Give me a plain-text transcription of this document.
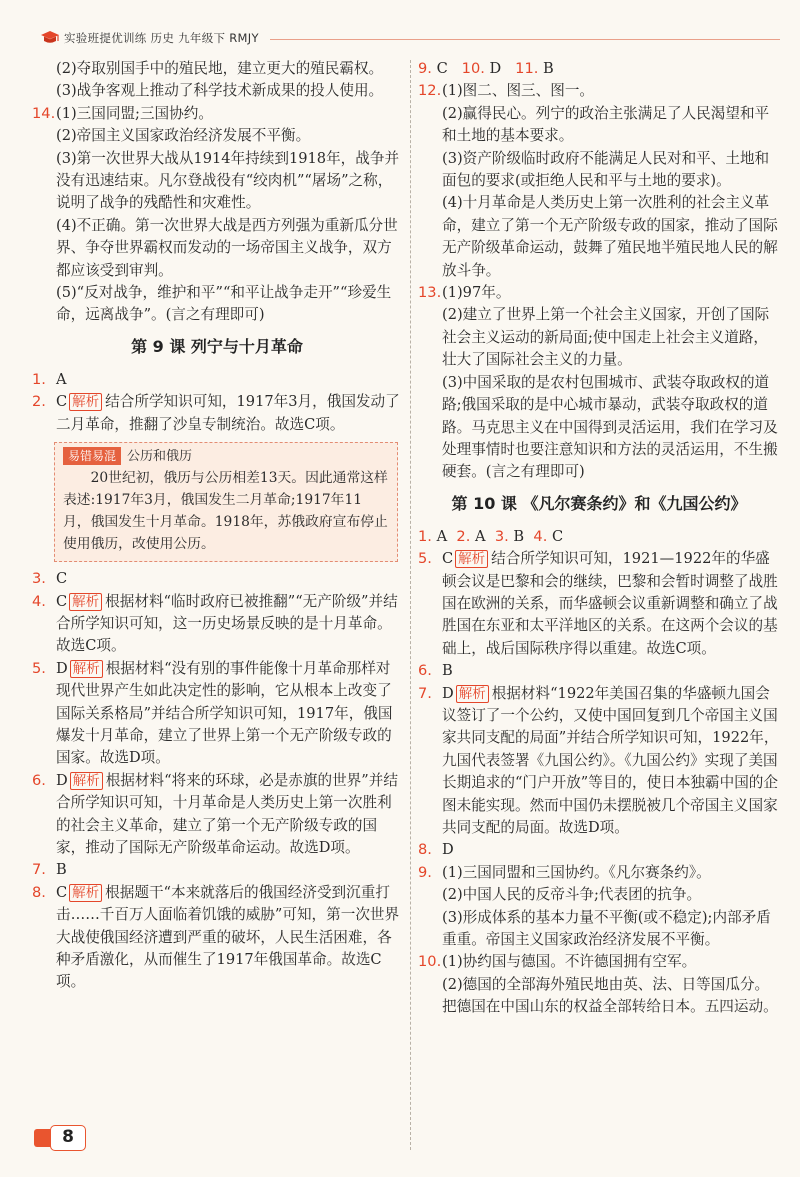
实验班提优训练 历史 九年级下 RMJY
(2)夺取别国手中的殖民地，建立更大的殖民霸权。
(3)战争客观上推动了科学技术新成果的投人使用。
14. (1)三国同盟;三国协约。
(2)帝国主义国家政治经济发展不平衡。
(3)第一次世界大战从1914年持续到1918年，战争并没有迅速结束。凡尔登战役有“绞肉机”“屠场”之称，说明了战争的残酷性和灾难性。
(4)不正确。第一次世界大战是西方列强为重新瓜分世界、争夺世界霸权而发动的一场帝国主义战争，双方都应该受到审判。
(5)“反对战争，维护和平”“和平让战争走开”“珍爱生命，远离战争”。(言之有理即可)
第 9 课 列宁与十月革命
1. A
2. C 解析 结合所学知识可知，1917年3月，俄国发动了二月革命，推翻了沙皇专制统治。故选C项。
易错易混 公历和俄历
20世纪初，俄历与公历相差13天。因此通常这样表述:1917年3月，俄国发生二月革命;1917年11月，俄国发生十月革命。1918年，苏俄政府宣布停止使用俄历，改使用公历。
3. C
4. C 解析 根据材料“临时政府已被推翻”“无产阶级”并结合所学知识可知，这一历史场景反映的是十月革命。故选C项。
5. D 解析 根据材料“没有别的事件能像十月革命那样对现代世界产生如此决定性的影响，它从根本上改变了国际关系格局”并结合所学知识可知，1917年，俄国爆发十月革命，建立了世界上第一个无产阶级专政的国家。故选D项。
6. D 解析 根据材料“将来的环球，必是赤旗的世界”并结合所学知识可知，十月革命是人类历史上第一次胜利的社会主义革命，建立了第一个无产阶级专政的国家，推动了国际无产阶级革命运动。故选D项。
7. B
8. C 解析 根据题干“本来就落后的俄国经济受到沉重打击……千百万人面临着饥饿的威胁”可知，第一次世界大战使俄国经济遭到严重的破坏，人民生活困难，各种矛盾激化，从而催生了1917年俄国革命。故选C项。
9. C 10. D 11. B
12. (1)图二、图三、图一。
(2)赢得民心。列宁的政治主张满足了人民渴望和平和土地的基本要求。
(3)资产阶级临时政府不能满足人民对和平、土地和面包的要求(或拒绝人民和平与土地的要求)。
(4)十月革命是人类历史上第一次胜利的社会主义革命，建立了第一个无产阶级专政的国家，推动了国际无产阶级革命运动，鼓舞了殖民地半殖民地人民的解放斗争。
13. (1)97年。
(2)建立了世界上第一个社会主义国家，开创了国际社会主义运动的新局面;使中国走上社会主义道路，壮大了国际社会主义的力量。
(3)中国采取的是农村包围城市、武装夺取政权的道路;俄国采取的是中心城市暴动，武装夺取政权的道路。马克思主义在中国得到灵活运用，我们在学习及处理事情时也要注意知识和方法的灵活运用，不生搬硬套。(言之有理即可)
第 10 课 《凡尔赛条约》和《九国公约》
1. A 2. A 3. B 4. C
5. C 解析 结合所学知识可知，1921—1922年的华盛顿会议是巴黎和会的继续，巴黎和会暂时调整了战胜国在欧洲的关系，而华盛顿会议重新调整和确立了战胜国在东亚和太平洋地区的关系。在这两个会议的基础上，战后国际秩序得以重建。故选C项。
6. B
7. D 解析 根据材料“1922年美国召集的华盛顿九国会议签订了一个公约，又使中国回复到几个帝国主义国家共同支配的局面”并结合所学知识可知，1922年，九国代表签署《九国公约》。《九国公约》实现了美国长期追求的“门户开放”等目的，使日本独霸中国的企图未能实现。然而中国仍未摆脱被几个帝国主义国家共同支配的局面。故选D项。
8. D
9. (1)三国同盟和三国协约。《凡尔赛条约》。
(2)中国人民的反帝斗争;代表团的抗争。
(3)形成体系的基本力量不平衡(或不稳定);内部矛盾重重。帝国主义国家政治经济发展不平衡。
10. (1)协约国与德国。不许德国拥有空军。
(2)德国的全部海外殖民地由英、法、日等国瓜分。把德国在中国山东的权益全部转给日本。五四运动。
8
